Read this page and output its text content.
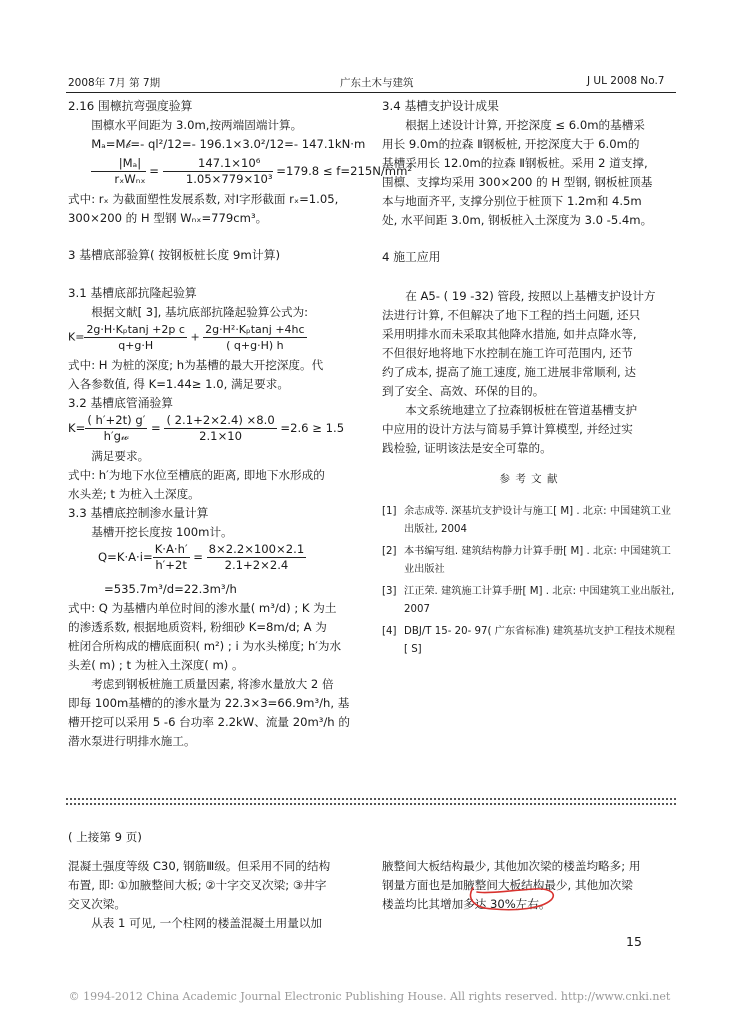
2008年 7月 第 7期	广东土木与建筑	J UL 2008 No.7

2.16 围檩抗弯强度验算

围檩水平间距为 3.0m,按两端固端计算。

Mₐ=M𝒷=- ql²/12=- 196.1×3.0²/12=- 147.1kN·m

$\frac{\text{|Mₐ|}}{\text{rₓWₙₓ}} = \frac{\text{147.1×10⁶}}{\text{1.05×779×10³}} =179.8 \le f=215N/mm^2$

式中: rₓ 为截面塑性发展系数, 对I字形截面 rₓ=1.05,

300×200 的 H 型钢 Wₙₓ=779cm³。

3 基槽底部验算( 按钢板桩长度 9m计算)

3.1 基槽底部抗隆起验算

根据文献[ 3], 基坑底部抗隆起验算公式为:

$K= \frac{\text{2g·H·Kₚtanj +2p c}}{q+g\cdot H} + \frac{\text{2g·H²·Kₚtanj +4hc}}{( q+g\cdot H) h}$

式中: H 为桩的深度; h为基槽的最大开挖深度。代

入各参数值, 得 K=1.44≥ 1.0, 满足要求。

3.2 基槽底管涌验算

$K= \frac{( h'+2t) g'}{\text{h′g𝓌}} = \frac{( 2.1+2\times 2.4) \times 8.0}{2.1\times 10} =2.6 \ge 1.5$

满足要求。

式中: h′为地下水位至槽底的距离, 即地下水形成的

水头差; t 为桩入土深度。

3.3 基槽底控制渗水量计算

基槽开挖长度按 100m计。

$Q=K\cdot A\cdot i= \frac{K\cdot A\cdot h'}{h'+2t} = \frac{8\times 2.2\times 100\times 2.1}{2.1+2\times 2.4}$

=535.7m³/d=22.3m³/h

式中: Q 为基槽内单位时间的渗水量( m³/d) ; K 为土

的渗透系数, 根据地质资料, 粉细砂 K=8m/d; A 为

桩闭合所构成的槽底面积( m²) ; i 为水头梯度; h′为水

头差( m) ; t 为桩入土深度( m) 。

考虑到钢板桩施工质量因素, 将渗水量放大 2 倍

即每 100m基槽的的渗水量为 22.3×3=66.9m³/h, 基

槽开挖可以采用 5 -6 台功率 2.2kW、流量 20m³/h 的

潜水泵进行明排水施工。

3.4 基槽支护设计成果

根据上述设计计算, 开挖深度 ≤ 6.0m的基槽采

用长 9.0m的拉森 Ⅱ钢板桩, 开挖深度大于 6.0m的

基槽采用长 12.0m的拉森 Ⅱ钢板桩。采用 2 道支撑,

围檩、支撑均采用 300×200 的 H 型钢, 钢板桩顶基

本与地面齐平, 支撑分别位于桩顶下 1.2m和 4.5m

处, 水平间距 3.0m, 钢板桩入土深度为 3.0 -5.4m。

4 施工应用

在 A5- ( 19 -32) 管段, 按照以上基槽支护设计方

法进行计算, 不但解决了地下工程的挡土问题, 还只

采用明排水而未采取其他降水措施, 如井点降水等,

不但很好地将地下水控制在施工许可范围内, 还节

约了成本, 提高了施工速度, 施工进展非常顺利, 达

到了安全、高效、环保的目的。

本文系统地建立了拉森钢板桩在管道基槽支护

中应用的设计方法与简易手算计算模型, 并经过实

践检验, 证明该法是安全可靠的。

参 考 文 献

[1] 余志成等. 深基坑支护设计与施工[ M] . 北京: 中国建筑工业出版社, 2004
[2] 本书编写组. 建筑结构静力计算手册[ M] . 北京: 中国建筑工业出版社
[3] 江正荣. 建筑施工计算手册[ M] . 北京: 中国建筑工业出版社, 2007
[4] DBJ/T 15- 20- 97( 广东省标准) 建筑基坑支护工程技术规程[ S]

( 上接第 9 页)

混凝土强度等级 C30, 钢筋Ⅲ级。但采用不同的结构

布置, 即: ①加腋整间大板; ②十字交叉次梁; ③井字

交叉次梁。

从表 1 可见, 一个柱网的楼盖混凝土用量以加

腋整间大板结构最少, 其他加次梁的楼盖均略多; 用

钢量方面也是加腋整间大板结构最少, 其他加次梁

楼盖均比其增加多达 30%左右。

15
© 1994-2012 China Academic Journal Electronic Publishing House. All rights reserved. http://www.cnki.net
